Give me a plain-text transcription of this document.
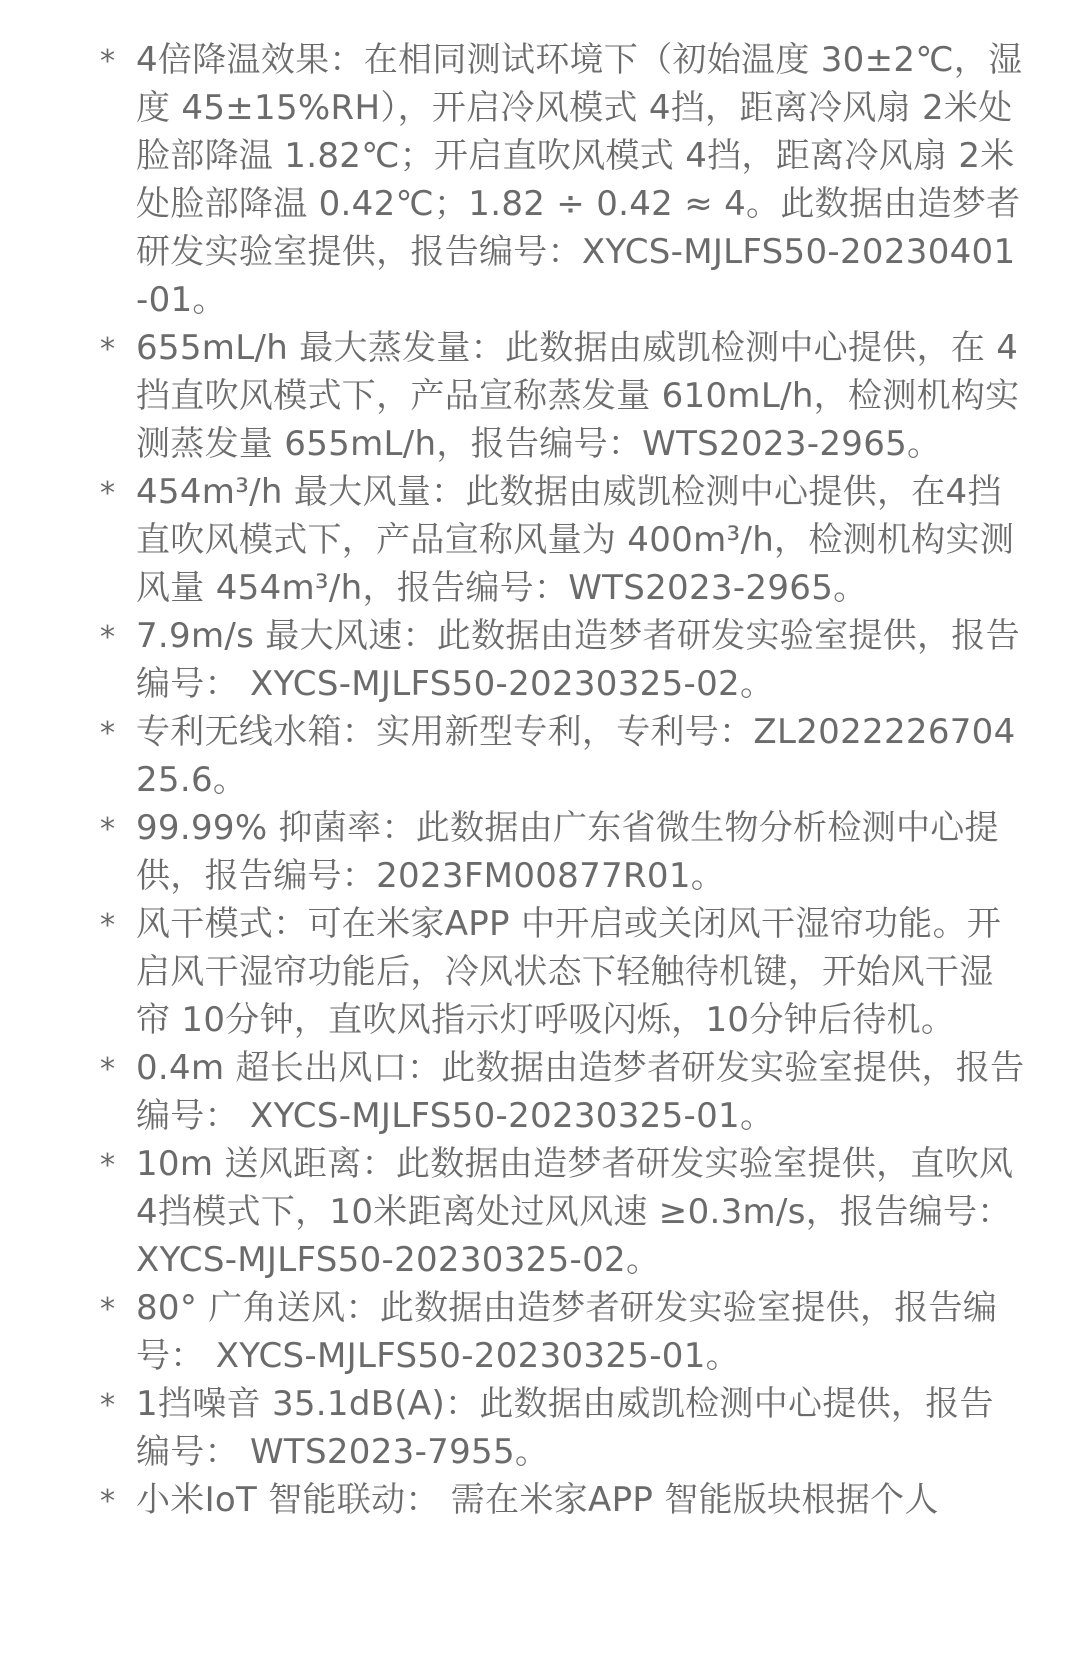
* 4倍降温效果：在相同测试环境下（初始温度 30±2℃，湿度 45±15%RH），开启冷风模式 4挡，距离冷风扇 2米处脸部降温 1.82℃；开启直吹风模式 4挡，距离冷风扇 2米处脸部降温 0.42℃；1.82 ÷ 0.42 ≈ 4。此数据由造梦者研发实验室提供，报告编号：XYCS-MJLFS50-20230401-01。
* 655mL/h 最大蒸发量：此数据由威凯检测中心提供，在 4挡直吹风模式下，产品宣称蒸发量 610mL/h，检测机构实测蒸发量 655mL/h，报告编号：WTS2023-2965。
* 454m³/h 最大风量：此数据由威凯检测中心提供，在4挡直吹风模式下，产品宣称风量为 400m³/h，检测机构实测风量 454m³/h，报告编号：WTS2023-2965。
* 7.9m/s 最大风速：此数据由造梦者研发实验室提供，报告编号： XYCS-MJLFS50-20230325-02。
* 专利无线水箱：实用新型专利，专利号：ZL202222670425.6。
* 99.99% 抑菌率：此数据由广东省微生物分析检测中心提供，报告编号：2023FM00877R01。
* 风干模式：可在米家APP 中开启或关闭风干湿帘功能。开启风干湿帘功能后，冷风状态下轻触待机键，开始风干湿帘 10分钟，直吹风指示灯呼吸闪烁，10分钟后待机。
* 0.4m 超长出风口：此数据由造梦者研发实验室提供，报告编号： XYCS-MJLFS50-20230325-01。
* 10m 送风距离：此数据由造梦者研发实验室提供，直吹风 4挡模式下，10米距离处过风风速 ≥0.3m/s，报告编号： XYCS-MJLFS50-20230325-02。
* 80° 广角送风：此数据由造梦者研发实验室提供，报告编号： XYCS-MJLFS50-20230325-01。
* 1挡噪音 35.1dB(A)：此数据由威凯检测中心提供，报告编号： WTS2023-7955。
* 小米IoT 智能联动： 需在米家APP 智能版块根据个人
